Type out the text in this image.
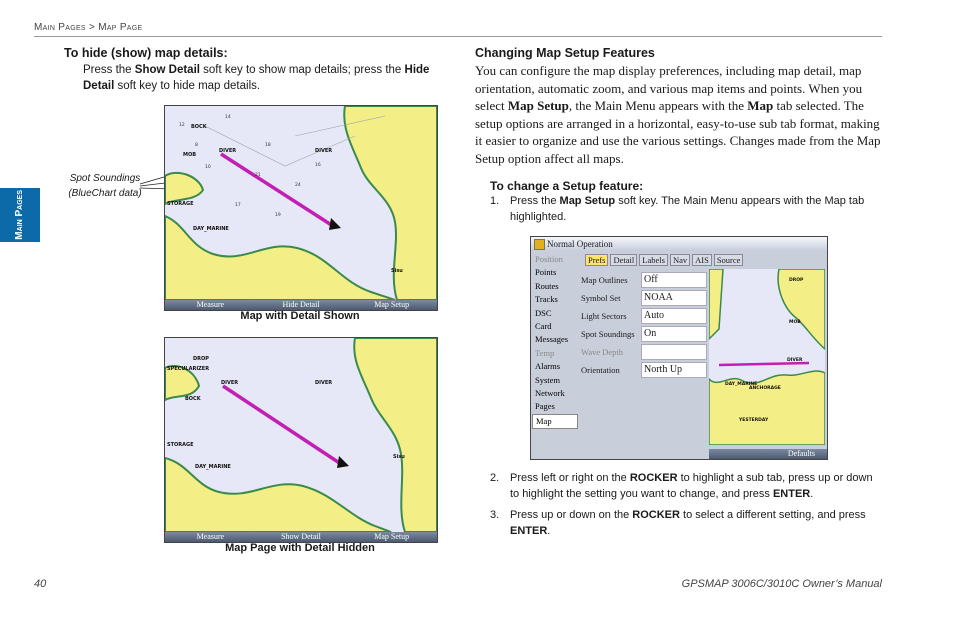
Main Pages > Map Page
Main Pages
To hide (show) map details:
Press the Show Detail soft key to show map details; press the Hide Detail soft key to hide map details.
Spot Soundings (BlueChart data)
12
14
18
8
21
24
17
19
16
10
BOCK
DIVER	DIVER
MOB
STORAGE
DAY_MARINE
Sisu
Measure	Hide Detail	Map Setup
Map with Detail Shown
DROP
SPECULARIZER
DIVER	DIVER
BOCK
STORAGE
DAY_MARINE
Sisu
Measure	Show Detail	Map Setup
Map Page with Detail Hidden
Changing Map Setup Features
You can configure the map display preferences, including map detail, map orientation, automatic zoom, and various map items and points. When you select Map Setup, the Main Menu appears with the Map tab selected. The setup options are arranged in a horizontal, easy-to-use sub tab format, making it easier to organize and use the various settings. Changes made from the Map Setup option affect all maps.
To change a Setup feature:
1. Press the Map Setup soft key. The Main Menu appears with the Map tab highlighted.
Normal Operation
Position
Points
Routes
Tracks
DSC
Card
Messages
Temp
Alarms
System
Network
Pages
Map
Prefs Detail Labels Nav AIS Source
Map Outlines	Off
Symbol Set	NOAA
Light Sectors	Auto
Spot Soundings On
Wave Depth
Orientation	North Up
DIVER
DROP
ANCHORAGE
MOB
DAY_MARINE
YESTERDAY
Defaults
2. Press left or right on the ROCKER to highlight a sub tab, press up or down to highlight the setting you want to change, and press ENTER.
3. Press up or down on the ROCKER to select a different setting, and press ENTER.
40	GPSMAP 3006C/3010C Owner’s Manual
